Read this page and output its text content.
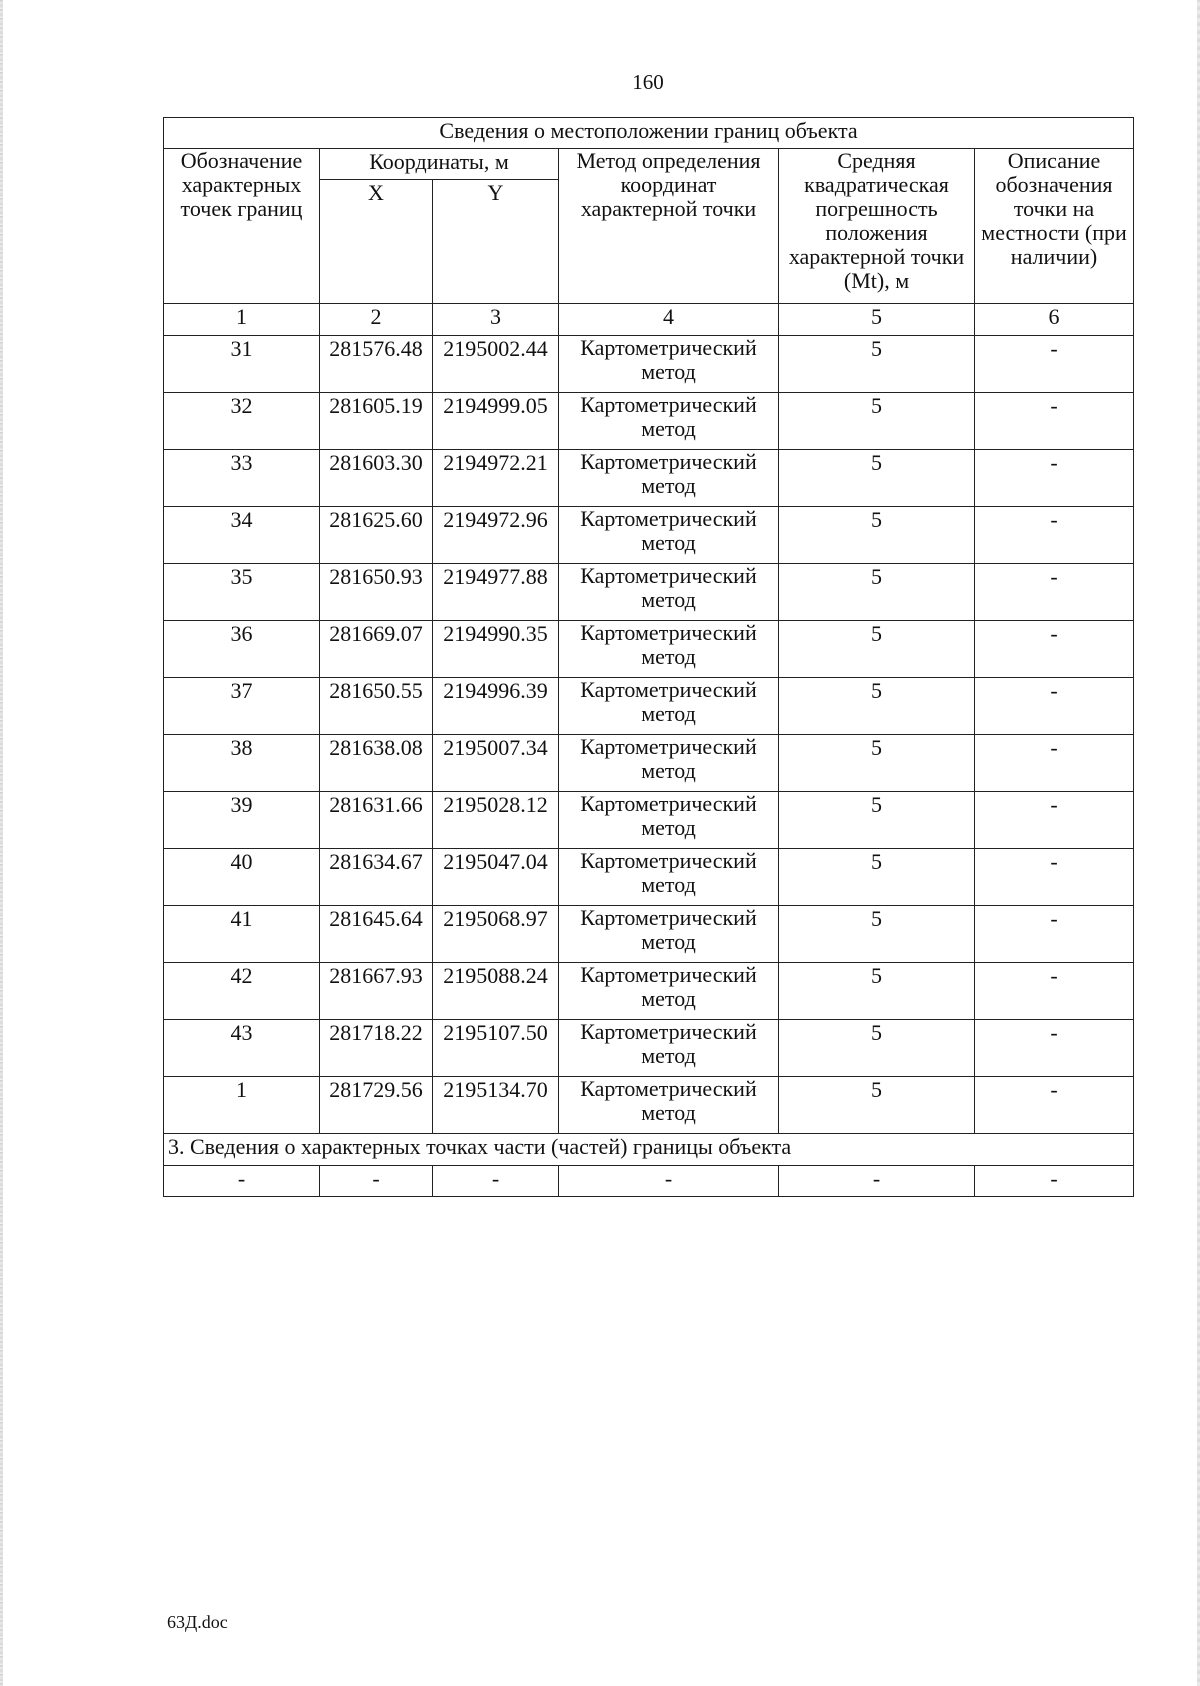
160
Сведения о местоположении границ объекта					
Обозначение характерных точек границ	Координаты, м		Метод определения координат характерной точки	Средняя квадратическая погрешность положения характерной точки (Mt), м	Описание обозначения точки на местности (при наличии)
	X	Y			
1	2	3	4	5	6
31	281576.48	2195002.44	Картометрический метод	5	-
32	281605.19	2194999.05	Картометрический метод	5	-
33	281603.30	2194972.21	Картометрический метод	5	-
34	281625.60	2194972.96	Картометрический метод	5	-
35	281650.93	2194977.88	Картометрический метод	5	-
36	281669.07	2194990.35	Картометрический метод	5	-
37	281650.55	2194996.39	Картометрический метод	5	-
38	281638.08	2195007.34	Картометрический метод	5	-
39	281631.66	2195028.12	Картометрический метод	5	-
40	281634.67	2195047.04	Картометрический метод	5	-
41	281645.64	2195068.97	Картометрический метод	5	-
42	281667.93	2195088.24	Картометрический метод	5	-
43	281718.22	2195107.50	Картометрический метод	5	-
1	281729.56	2195134.70	Картометрический метод	5	-
3. Сведения о характерных точках части (частей) границы объекта					
-	-	-	-	-	-
63Д.doc
